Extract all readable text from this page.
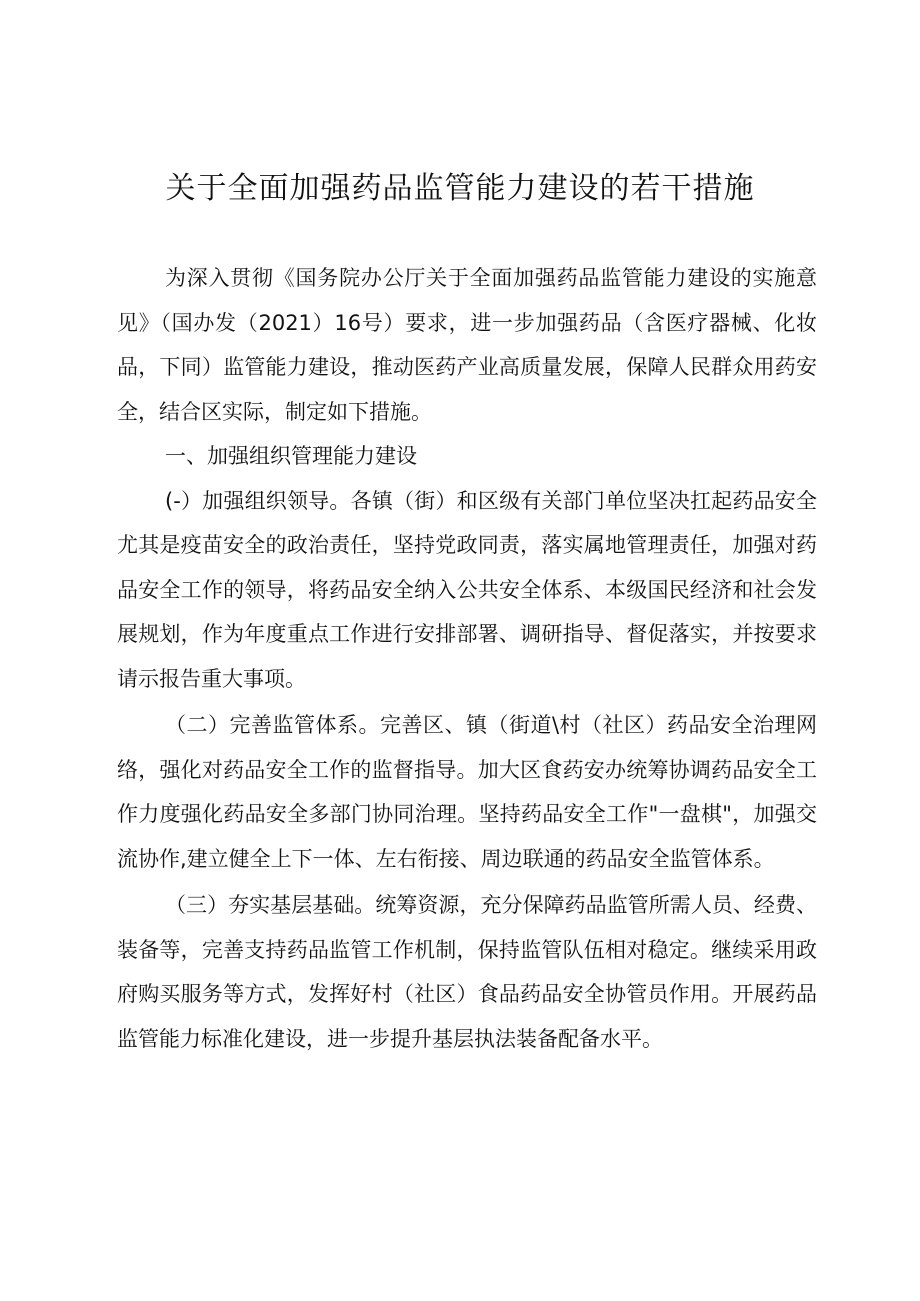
关于全面加强药品监管能力建设的若干措施

为深入贯彻《国务院办公厅关于全面加强药品监管能力建设的实施意见》（国办发（2021）16号）要求，进一步加强药品（含医疗器械、化妆品，下同）监管能力建设，推动医药产业高质量发展，保障人民群众用药安全，结合区实际，制定如下措施。

一、加强组织管理能力建设

(-）加强组织领导。各镇（街）和区级有关部门单位坚决扛起药品安全尤其是疫苗安全的政治责任，坚持党政同责，落实属地管理责任，加强对药品安全工作的领导，将药品安全纳入公共安全体系、本级国民经济和社会发展规划，作为年度重点工作进行安排部署、调研指导、督促落实，并按要求请示报告重大事项。

（二）完善监管体系。完善区、镇（街道\村（社区）药品安全治理网络，强化对药品安全工作的监督指导。加大区食药安办统筹协调药品安全工作力度强化药品安全多部门协同治理。坚持药品安全工作"一盘棋"，加强交流协作,建立健全上下一体、左右衔接、周边联通的药品安全监管体系。

（三）夯实基层基础。统筹资源，充分保障药品监管所需人员、经费、装备等，完善支持药品监管工作机制，保持监管队伍相对稳定。继续采用政府购买服务等方式，发挥好村（社区）食品药品安全协管员作用。开展药品监管能力标准化建设，进一步提升基层执法装备配备水平。
